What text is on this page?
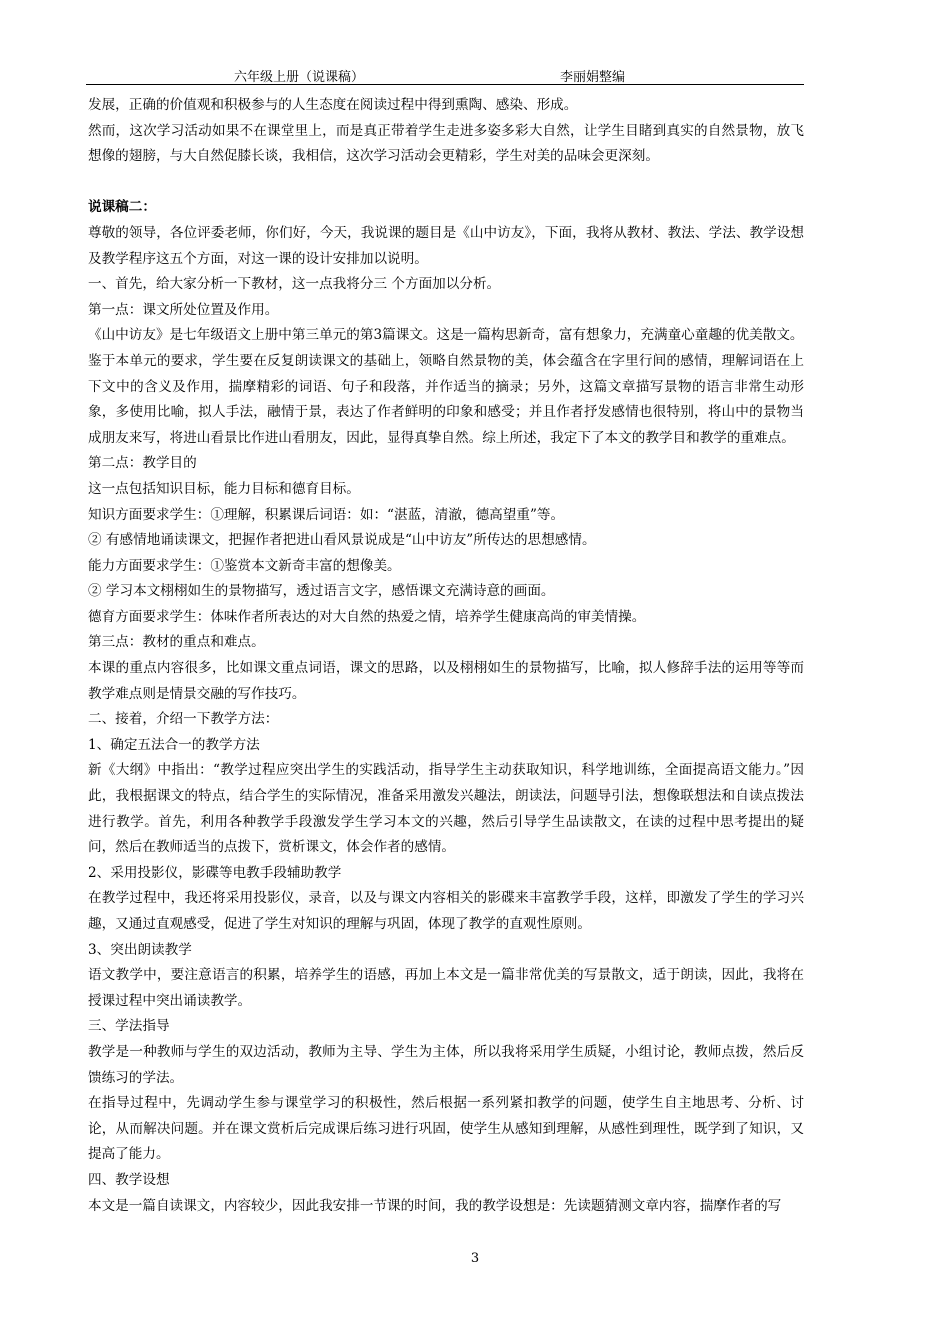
六年级上册（说课稿）	李丽娟整编

发展，正确的价值观和积极参与的人生态度在阅读过程中得到熏陶、感染、形成。

然而，这次学习活动如果不在课堂里上，而是真正带着学生走进多姿多彩大自然，让学生目睹到真实的自然景物，放飞想像的翅膀，与大自然促膝长谈，我相信，这次学习活动会更精彩，学生对美的品味会更深刻。

说课稿二：

尊敬的领导，各位评委老师，你们好，今天，我说课的题目是《山中访友》，下面，我将从教材、教法、学法、教学设想及教学程序这五个方面，对这一课的设计安排加以说明。

一、首先，给大家分析一下教材，这一点我将分三 个方面加以分析。

第一点：课文所处位置及作用。

《山中访友》是七年级语文上册中第三单元的第3篇课文。这是一篇构思新奇，富有想象力，充满童心童趣的优美散文。

鉴于本单元的要求，学生要在反复朗读课文的基础上，领略自然景物的美，体会蕴含在字里行间的感情，理解词语在上下文中的含义及作用，揣摩精彩的词语、句子和段落，并作适当的摘录；另外，这篇文章描写景物的语言非常生动形象，多使用比喻，拟人手法，融情于景，表达了作者鲜明的印象和感受；并且作者抒发感情也很特别，将山中的景物当成朋友来写，将进山看景比作进山看朋友，因此，显得真挚自然。综上所述，我定下了本文的教学目和教学的重难点。

第二点：教学目的

这一点包括知识目标，能力目标和德育目标。

知识方面要求学生：①理解，积累课后词语：如：“湛蓝，清澈，德高望重”等。

② 有感情地诵读课文，把握作者把进山看风景说成是“山中访友”所传达的思想感情。

能力方面要求学生：①鉴赏本文新奇丰富的想像美。

② 学习本文栩栩如生的景物描写，透过语言文字，感悟课文充满诗意的画面。

德育方面要求学生：体味作者所表达的对大自然的热爱之情，培养学生健康高尚的审美情操。

第三点：教材的重点和难点。

本课的重点内容很多，比如课文重点词语，课文的思路，以及栩栩如生的景物描写，比喻，拟人修辞手法的运用等等而教学难点则是情景交融的写作技巧。

二、接着，介绍一下教学方法：

1、确定五法合一的教学方法

新《大纲》中指出：“教学过程应突出学生的实践活动，指导学生主动获取知识，科学地训练，全面提高语文能力。”因此，我根据课文的特点，结合学生的实际情况，准备采用激发兴趣法，朗读法，问题导引法，想像联想法和自读点拨法进行教学。首先，利用各种教学手段激发学生学习本文的兴趣，然后引导学生品读散文，在读的过程中思考提出的疑问，然后在教师适当的点拨下，赏析课文，体会作者的感情。

2、采用投影仪，影碟等电教手段辅助教学

在教学过程中，我还将采用投影仪，录音，以及与课文内容相关的影碟来丰富教学手段，这样，即激发了学生的学习兴趣，又通过直观感受，促进了学生对知识的理解与巩固，体现了教学的直观性原则。

3、突出朗读教学

语文教学中，要注意语言的积累，培养学生的语感，再加上本文是一篇非常优美的写景散文，适于朗读，因此，我将在授课过程中突出诵读教学。

三、学法指导

教学是一种教师与学生的双边活动，教师为主导、学生为主体，所以我将采用学生质疑，小组讨论，教师点拨，然后反馈练习的学法。

在指导过程中，先调动学生参与课堂学习的积极性，然后根据一系列紧扣教学的问题，使学生自主地思考、分析、讨论，从而解决问题。并在课文赏析后完成课后练习进行巩固，使学生从感知到理解，从感性到理性，既学到了知识，又提高了能力。

四、教学设想

本文是一篇自读课文，内容较少，因此我安排一节课的时间，我的教学设想是：先读题猜测文章内容，揣摩作者的写

3
